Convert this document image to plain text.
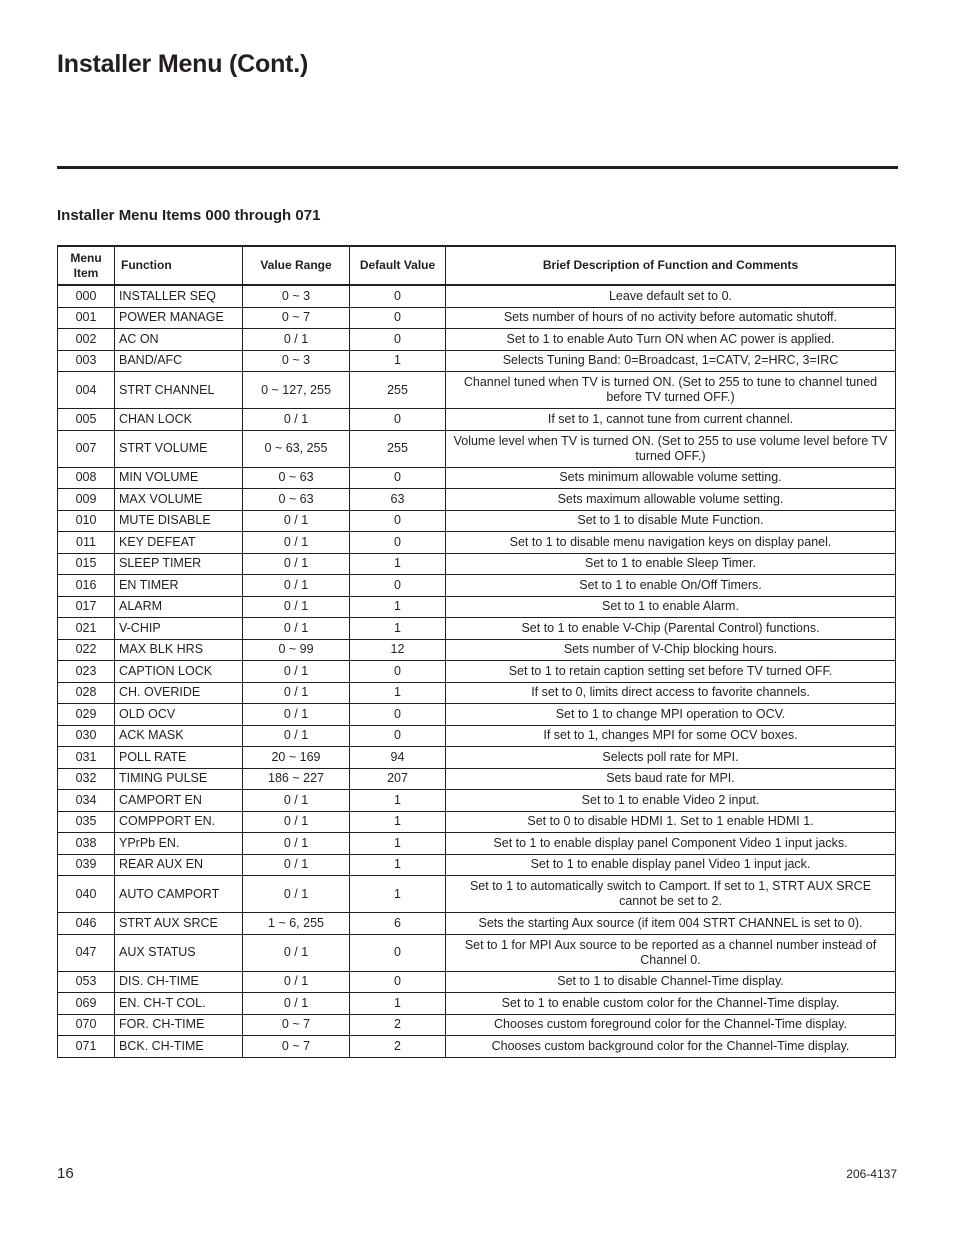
Installer Menu (Cont.)
Installer Menu Items 000 through 071
Menu Item	Function	Value Range	Default Value	Brief Description of Function and Comments
000	INSTALLER SEQ	0 ~ 3	0	Leave default set to 0.
001	POWER MANAGE	0 ~ 7	0	Sets number of hours of no activity before automatic shutoff.
002	AC ON	0 / 1	0	Set to 1 to enable Auto Turn ON when AC power is applied.
003	BAND/AFC	0 ~ 3	1	Selects Tuning Band: 0=Broadcast, 1=CATV, 2=HRC, 3=IRC
004	STRT CHANNEL	0 ~ 127, 255	255	Channel tuned when TV is turned ON. (Set to 255 to tune to channel tuned before TV turned OFF.)
005	CHAN LOCK	0 / 1	0	If set to 1, cannot tune from current channel.
007	STRT VOLUME	0 ~ 63, 255	255	Volume level when TV is turned ON. (Set to 255 to use volume level before TV turned OFF.)
008	MIN VOLUME	0 ~ 63	0	Sets minimum allowable volume setting.
009	MAX VOLUME	0 ~ 63	63	Sets maximum allowable volume setting.
010	MUTE DISABLE	0 / 1	0	Set to 1 to disable Mute Function.
011	KEY DEFEAT	0 / 1	0	Set to 1 to disable menu navigation keys on display panel.
015	SLEEP TIMER	0 / 1	1	Set to 1 to enable Sleep Timer.
016	EN TIMER	0 / 1	0	Set to 1 to enable On/Off Timers.
017	ALARM	0 / 1	1	Set to 1 to enable Alarm.
021	V-CHIP	0 / 1	1	Set to 1 to enable V-Chip (Parental Control) functions.
022	MAX BLK HRS	0 ~ 99	12	Sets number of V-Chip blocking hours.
023	CAPTION LOCK	0 / 1	0	Set to 1 to retain caption setting set before TV turned OFF.
028	CH. OVERIDE	0 / 1	1	If set to 0, limits direct access to favorite channels.
029	OLD OCV	0 / 1	0	Set to 1 to change MPI operation to OCV.
030	ACK MASK	0 / 1	0	If set to 1, changes MPI for some OCV boxes.
031	POLL RATE	20 ~ 169	94	Selects poll rate for MPI.
032	TIMING PULSE	186 ~ 227	207	Sets baud rate for MPI.
034	CAMPORT EN	0 / 1	1	Set to 1 to enable Video 2 input.
035	COMPPORT EN.	0 / 1	1	Set to 0 to disable HDMI 1. Set to 1 enable HDMI 1.
038	YPrPb EN.	0 / 1	1	Set to 1 to enable display panel Component Video 1 input jacks.
039	REAR AUX EN	0 / 1	1	Set to 1 to enable display panel Video 1 input jack.
040	AUTO CAMPORT	0 / 1	1	Set to 1 to automatically switch to Camport. If set to 1, STRT AUX SRCE cannot be set to 2.
046	STRT AUX SRCE	1 ~ 6, 255	6	Sets the starting Aux source (if item 004 STRT CHANNEL is set to 0).
047	AUX STATUS	0 / 1	0	Set to 1 for MPI Aux source to be reported as a channel number instead of Channel 0.
053	DIS. CH-TIME	0 / 1	0	Set to 1 to disable Channel-Time display.
069	EN. CH-T COL.	0 / 1	1	Set to 1 to enable custom color for the Channel-Time display.
070	FOR. CH-TIME	0 ~ 7	2	Chooses custom foreground color for the Channel-Time display.
071	BCK. CH-TIME	0 ~ 7	2	Chooses custom background color for the Channel-Time display.
16	206-4137
